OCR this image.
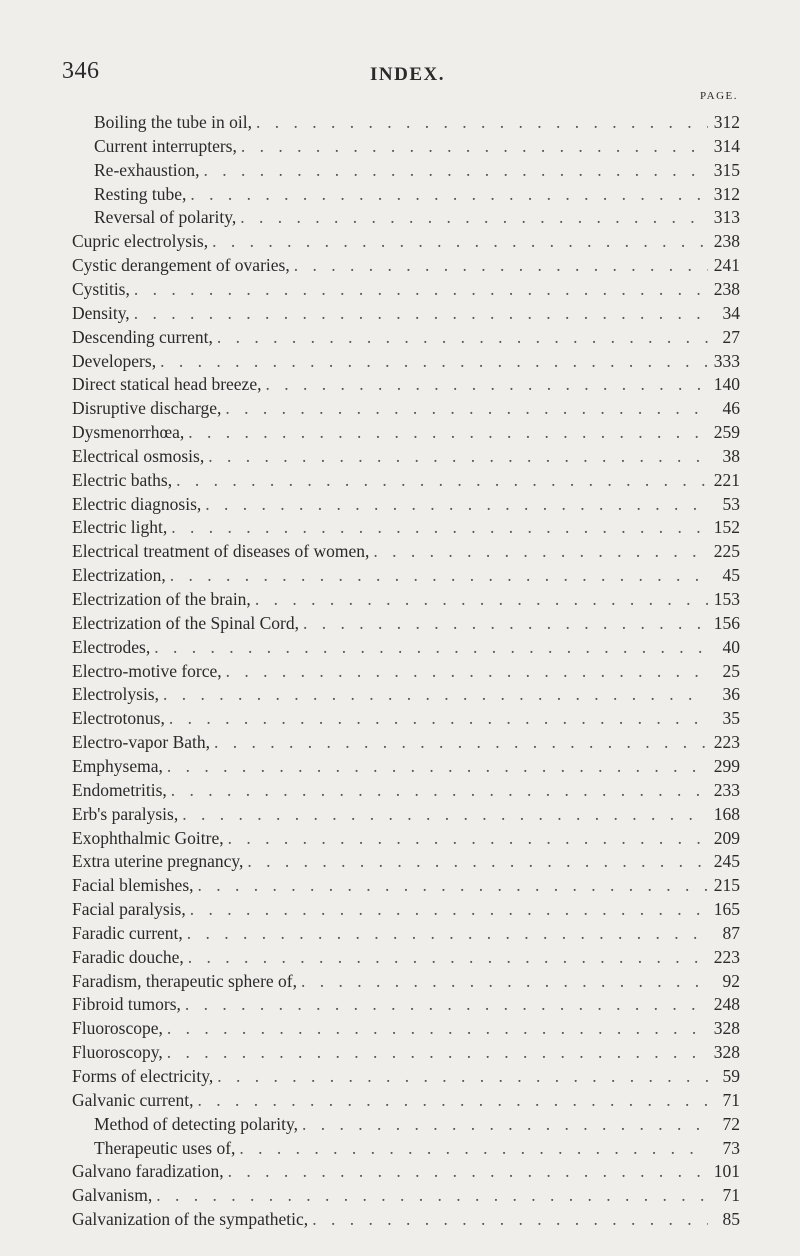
346	INDEX.
PAGE.
Boiling the tube in oil, . . .	312
Current interrupters, . . .	314
Re-exhaustion, . . .	315
Resting tube, . . .	312
Reversal of polarity, . . .	313
Cupric electrolysis, . . .	238
Cystic derangement of ovaries, . . .	241
Cystitis, . . .	238
Density, . . .	34
Descending current, . . .	27
Developers, . . .	333
Direct statical head breeze, . . .	140
Disruptive discharge, . . .	46
Dysmenorrhœa, . . .	259
Electrical osmosis, . . .	38
Electric baths, . . .	221
Electric diagnosis, . . .	53
Electric light, . . .	152
Electrical treatment of diseases of women, . . .	225
Electrization, . . .	45
Electrization of the brain, . . .	153
Electrization of the Spinal Cord, . . .	156
Electrodes, . . .	40
Electro-motive force, . . .	25
Electrolysis, . . .	36
Electrotonus, . . .	35
Electro-vapor Bath, . . .	223
Emphysema, . . .	299
Endometritis, . . .	233
Erb's paralysis, . . .	168
Exophthalmic Goitre, . . .	209
Extra uterine pregnancy, . . .	245
Facial blemishes, . . .	215
Facial paralysis, . . .	165
Faradic current, . . .	87
Faradic douche, . . .	223
Faradism, therapeutic sphere of, . . .	92
Fibroid tumors, . . .	248
Fluoroscope, . . .	328
Fluoroscopy, . . .	328
Forms of electricity, . . .	59
Galvanic current, . . .	71
Method of detecting polarity, . . .	72
Therapeutic uses of, . . .	73
Galvano faradization, . . .	101
Galvanism, . . .	71
Galvanization of the sympathetic, . . .	85
